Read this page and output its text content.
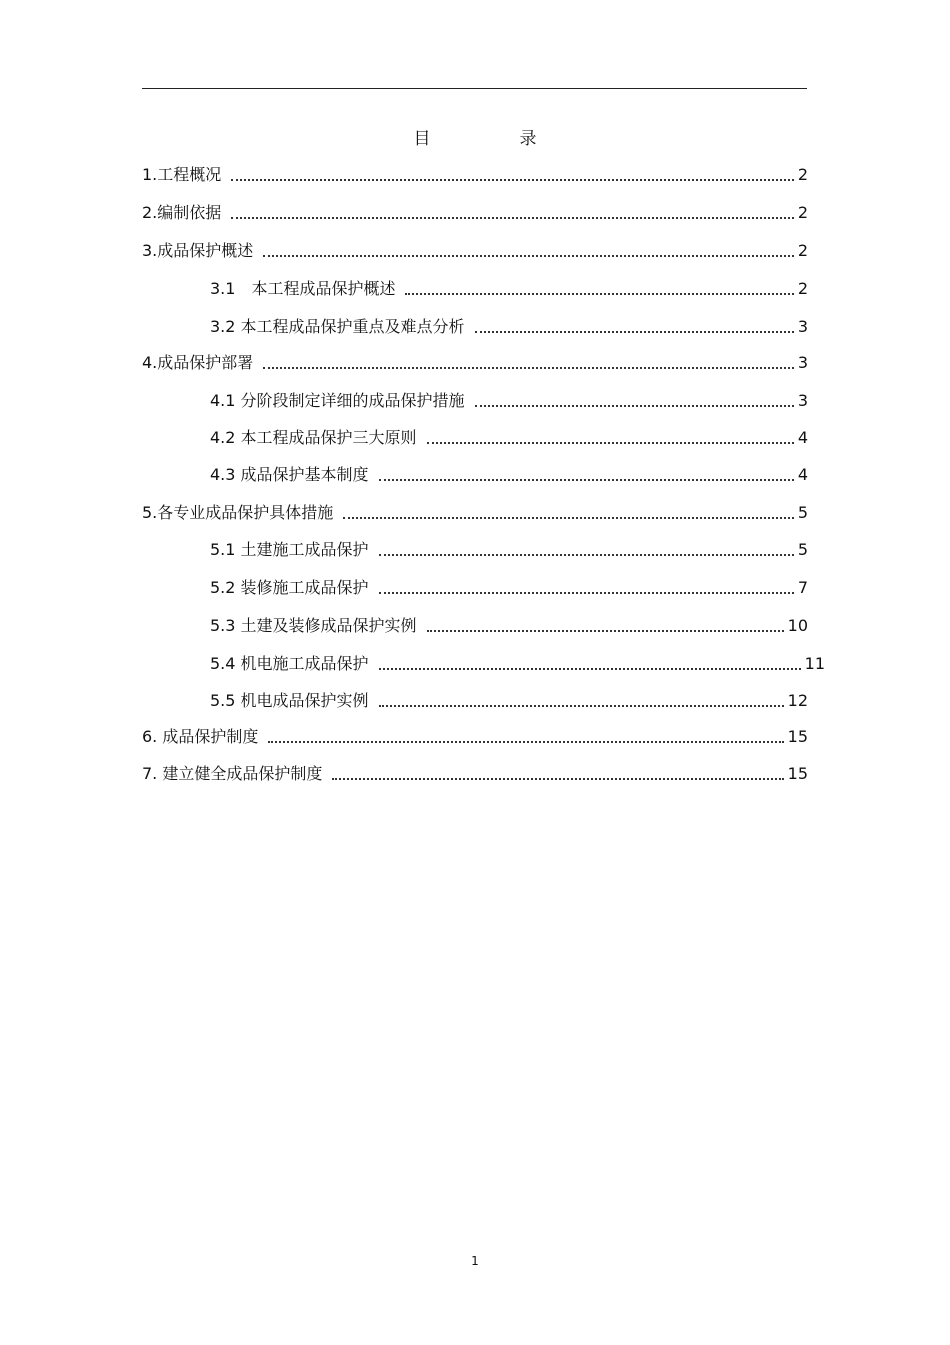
目　录
1.工程概况	2
2.编制依据	2
3.成品保护概述	2
3.1　本工程成品保护概述	2
3.2 本工程成品保护重点及难点分析	3
4.成品保护部署	3
4.1 分阶段制定详细的成品保护措施	3
4.2 本工程成品保护三大原则	4
4.3 成品保护基本制度	4
5.各专业成品保护具体措施	5
5.1 土建施工成品保护	5
5.2 装修施工成品保护	7
5.3 土建及装修成品保护实例	10
5.4 机电施工成品保护	11
5.5 机电成品保护实例	12
6. 成品保护制度	15
7. 建立健全成品保护制度	15
1
